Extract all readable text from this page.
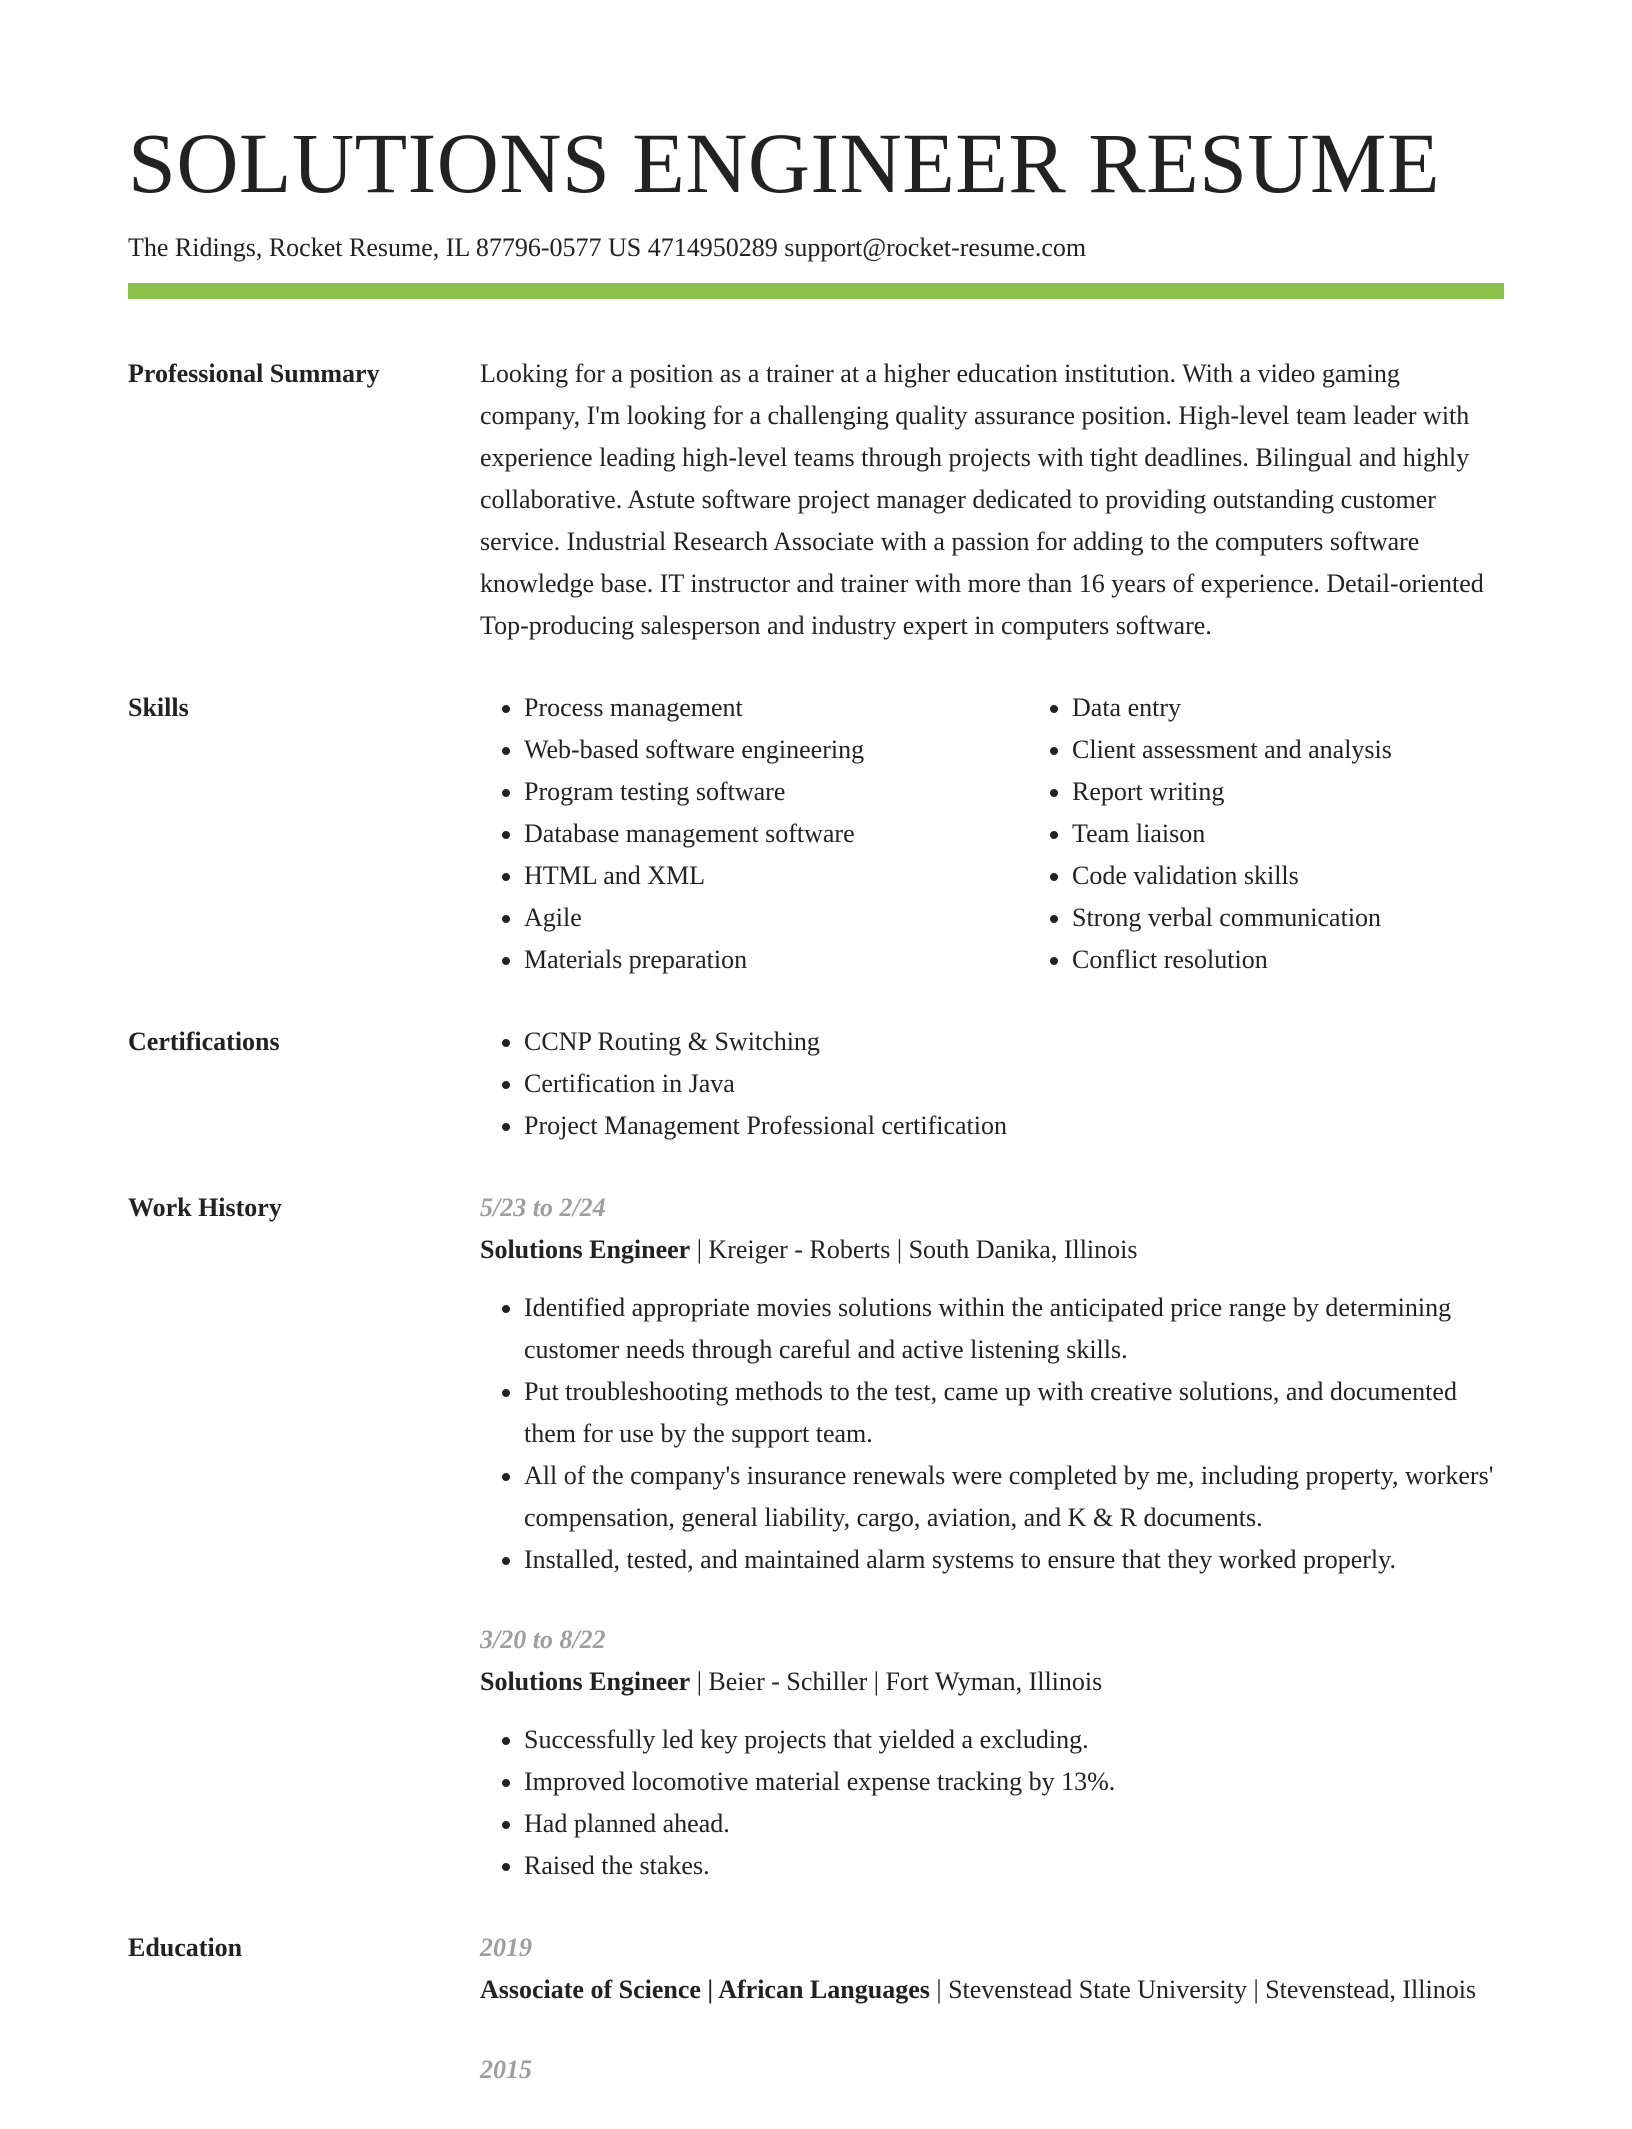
SOLUTIONS ENGINEER RESUME
The Ridings, Rocket Resume, IL 87796-0577 US 4714950289 support@rocket-resume.com
Professional Summary	Looking for a position as a trainer at a higher education institution. With a video gaming company, I'm looking for a challenging quality assurance position. High-level team leader with experience leading high-level teams through projects with tight deadlines. Bilingual and highly collaborative. Astute software project manager dedicated to providing outstanding customer service. Industrial Research Associate with a passion for adding to the computers software knowledge base. IT instructor and trainer with more than 16 years of experience. Detail-oriented Top-producing salesperson and industry expert in computers software.

Skills	• Process management
• Web-based software engineering
• Program testing software
• Database management software
• HTML and XML
• Agile
• Materials preparation
• Data entry
• Client assessment and analysis
• Report writing
• Team liaison
• Code validation skills
• Strong verbal communication
• Conflict resolution
Certifications	• CCNP Routing & Switching
• Certification in Java
• Project Management Professional certification
Work History	5/23 to 2/24
Solutions Engineer | Kreiger - Roberts | South Danika, Illinois
• Identified appropriate movies solutions within the anticipated price range by determining customer needs through careful and active listening skills.
• Put troubleshooting methods to the test, came up with creative solutions, and documented them for use by the support team.
• All of the company's insurance renewals were completed by me, including property, workers' compensation, general liability, cargo, aviation, and K & R documents.
• Installed, tested, and maintained alarm systems to ensure that they worked properly.
3/20 to 8/22
Solutions Engineer | Beier - Schiller | Fort Wyman, Illinois
• Successfully led key projects that yielded a excluding.
• Improved locomotive material expense tracking by 13%.
• Had planned ahead.
• Raised the stakes.
Education	2019
Associate of Science | African Languages | Stevenstead State University | Stevenstead, Illinois
2015
